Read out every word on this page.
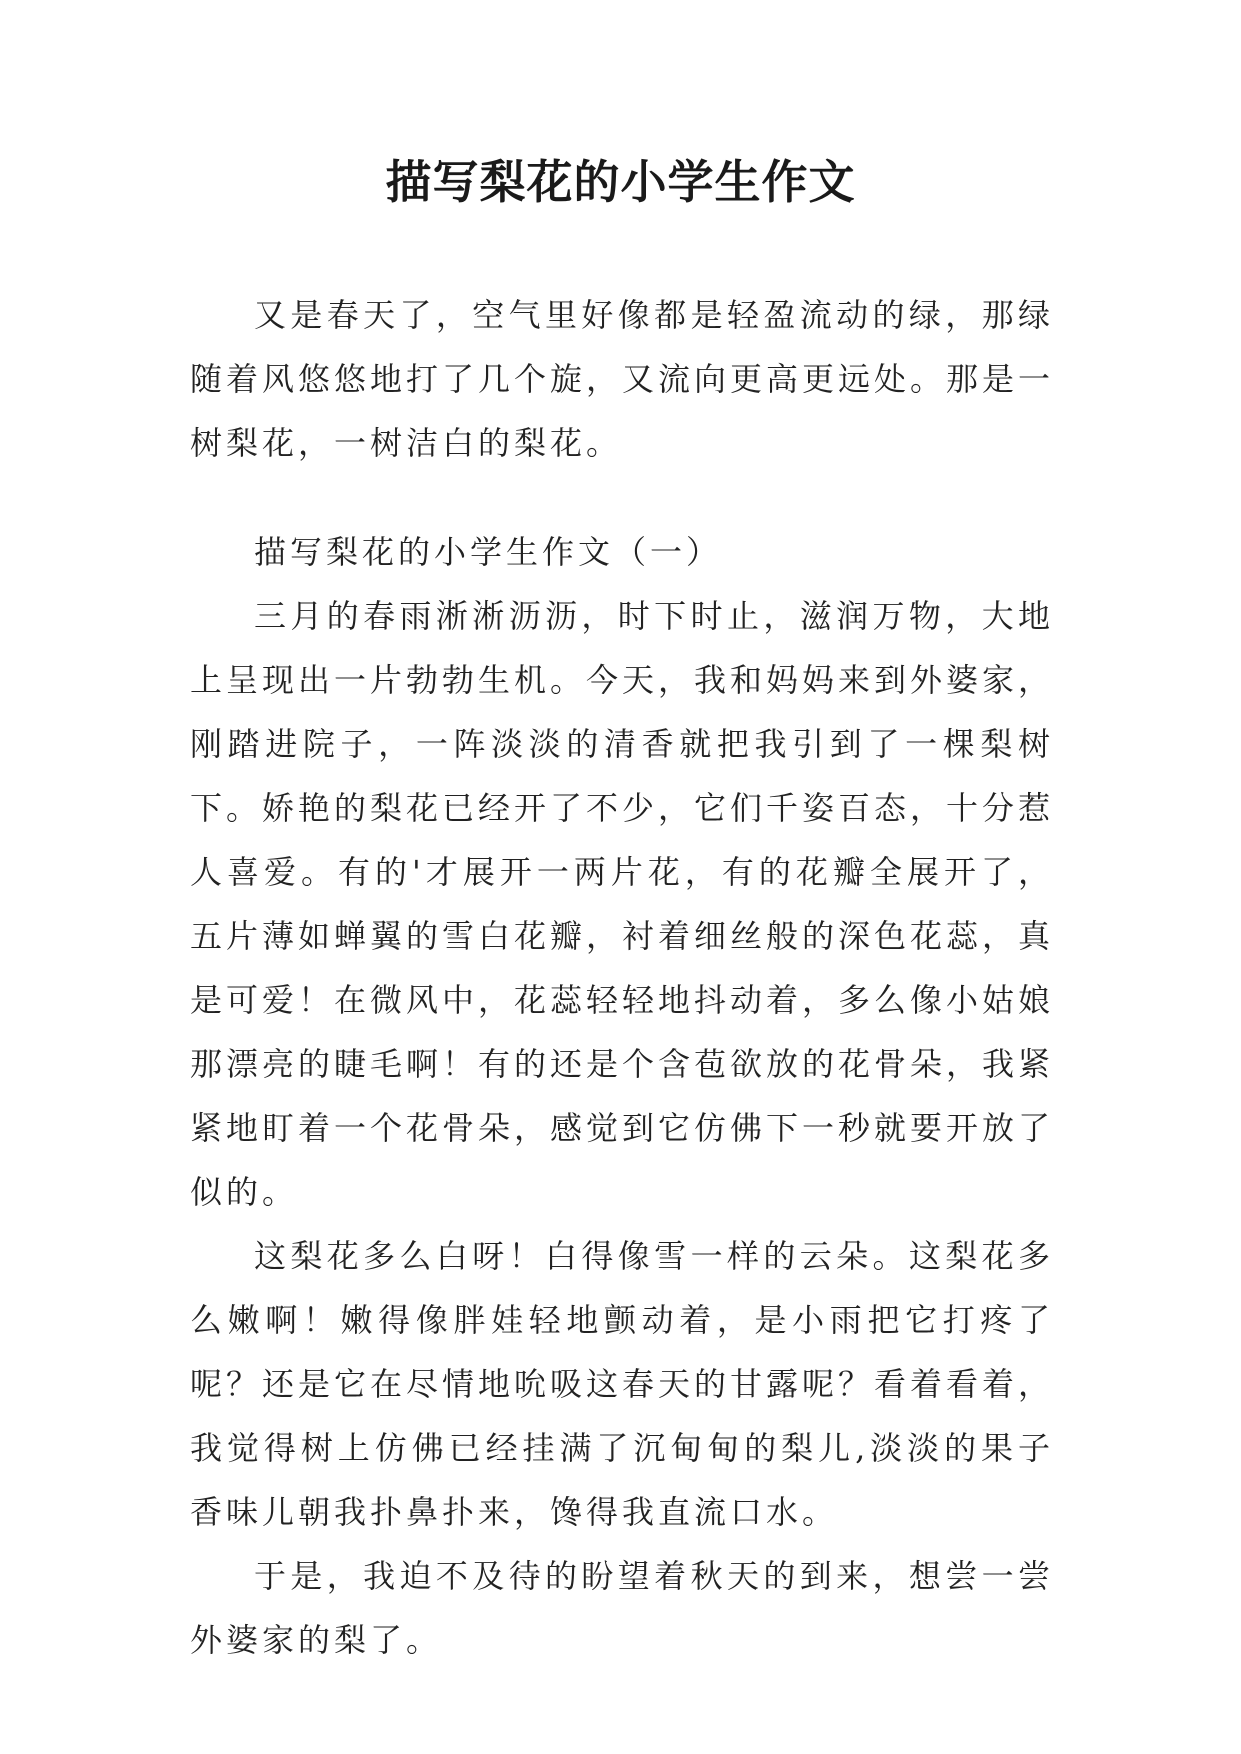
描写梨花的小学生作文

又是春天了，空气里好像都是轻盈流动的绿，那绿随着风悠悠地打了几个旋，又流向更高更远处。那是一树梨花，一树洁白的梨花。

描写梨花的小学生作文（一）

三月的春雨淅淅沥沥，时下时止，滋润万物，大地上呈现出一片勃勃生机。今天，我和妈妈来到外婆家，刚踏进院子，一阵淡淡的清香就把我引到了一棵梨树下。娇艳的梨花已经开了不少，它们千姿百态，十分惹人喜爱。有的'才展开一两片花，有的花瓣全展开了，五片薄如蝉翼的雪白花瓣，衬着细丝般的深色花蕊，真是可爱！在微风中，花蕊轻轻地抖动着，多么像小姑娘那漂亮的睫毛啊！有的还是个含苞欲放的花骨朵，我紧紧地盯着一个花骨朵，感觉到它仿佛下一秒就要开放了似的。

这梨花多么白呀！白得像雪一样的云朵。这梨花多么嫩啊！嫩得像胖娃轻地颤动着，是小雨把它打疼了呢？还是它在尽情地吮吸这春天的甘露呢？看着看着，我觉得树上仿佛已经挂满了沉甸甸的梨儿,淡淡的果子香味儿朝我扑鼻扑来，馋得我直流口水。

于是，我迫不及待的盼望着秋天的到来，想尝一尝外婆家的梨了。
